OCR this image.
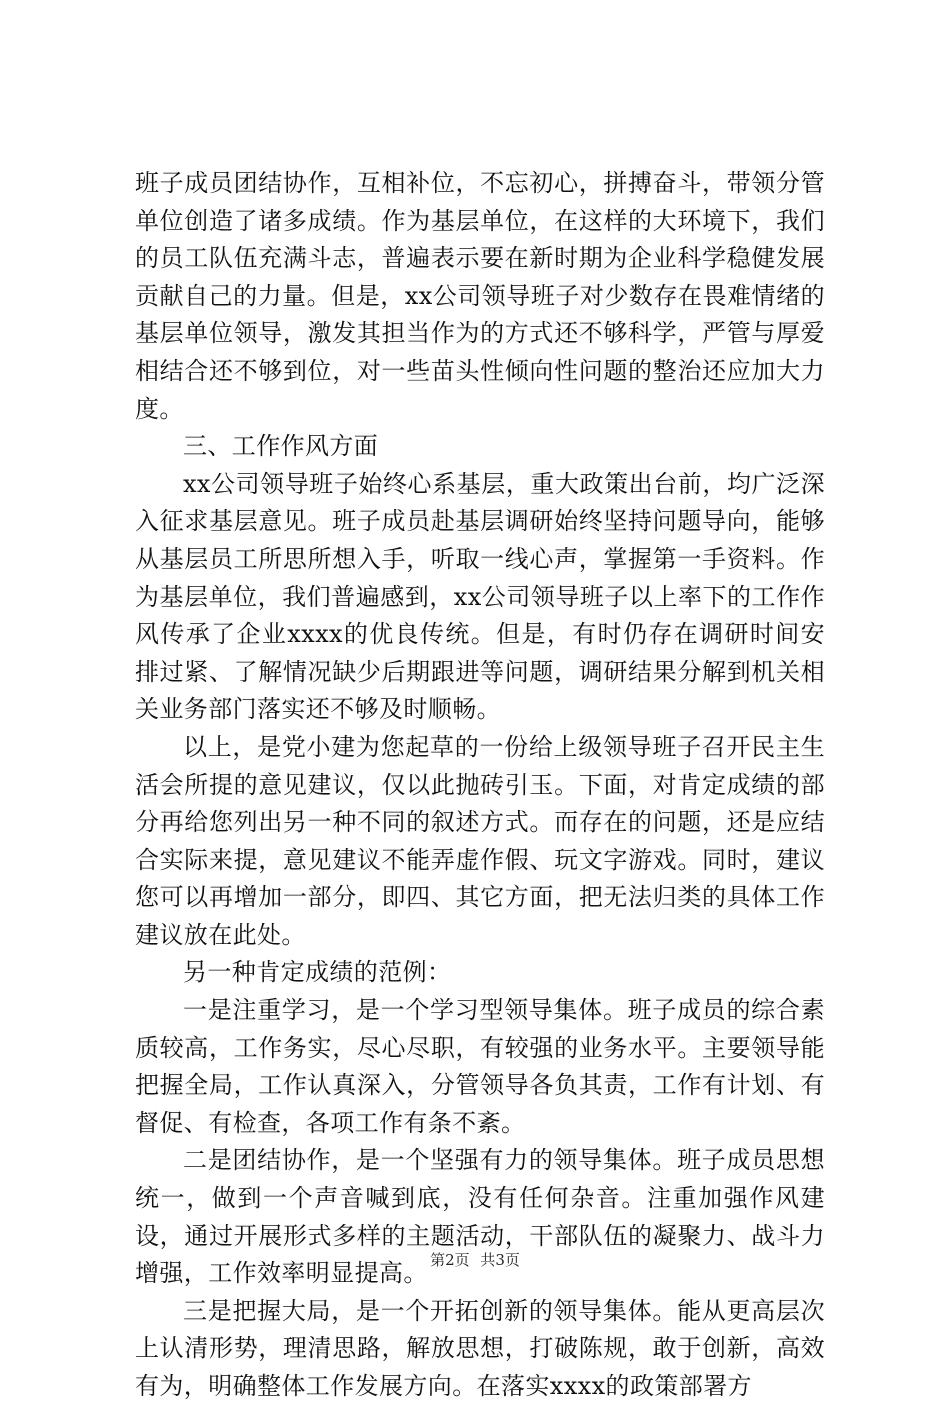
班子成员团结协作，互相补位，不忘初心，拼搏奋斗，带领分管单位创造了诸多成绩。作为基层单位，在这样的大环境下，我们的员工队伍充满斗志，普遍表示要在新时期为企业科学稳健发展贡献自己的力量。但是，xx公司领导班子对少数存在畏难情绪的基层单位领导，激发其担当作为的方式还不够科学，严管与厚爱相结合还不够到位，对一些苗头性倾向性问题的整治还应加大力度。

三、工作作风方面

xx公司领导班子始终心系基层，重大政策出台前，均广泛深入征求基层意见。班子成员赴基层调研始终坚持问题导向，能够从基层员工所思所想入手，听取一线心声，掌握第一手资料。作为基层单位，我们普遍感到，xx公司领导班子以上率下的工作作风传承了企业xxxx的优良传统。但是，有时仍存在调研时间安排过紧、了解情况缺少后期跟进等问题，调研结果分解到机关相关业务部门落实还不够及时顺畅。

以上，是党小建为您起草的一份给上级领导班子召开民主生活会所提的意见建议，仅以此抛砖引玉。下面，对肯定成绩的部分再给您列出另一种不同的叙述方式。而存在的问题，还是应结合实际来提，意见建议不能弄虚作假、玩文字游戏。同时，建议您可以再增加一部分，即四、其它方面，把无法归类的具体工作建议放在此处。

另一种肯定成绩的范例：

一是注重学习，是一个学习型领导集体。班子成员的综合素质较高，工作务实，尽心尽职，有较强的业务水平。主要领导能把握全局，工作认真深入，分管领导各负其责，工作有计划、有督促、有检查，各项工作有条不紊。

二是团结协作，是一个坚强有力的领导集体。班子成员思想统一，做到一个声音喊到底，没有任何杂音。注重加强作风建设，通过开展形式多样的主题活动，干部队伍的凝聚力、战斗力增强，工作效率明显提高。

三是把握大局，是一个开拓创新的领导集体。能从更高层次上认清形势，理清思路，解放思想，打破陈规，敢于创新，高效有为，明确整体工作发展方向。在落实xxxx的政策部署方

第2页 共3页
